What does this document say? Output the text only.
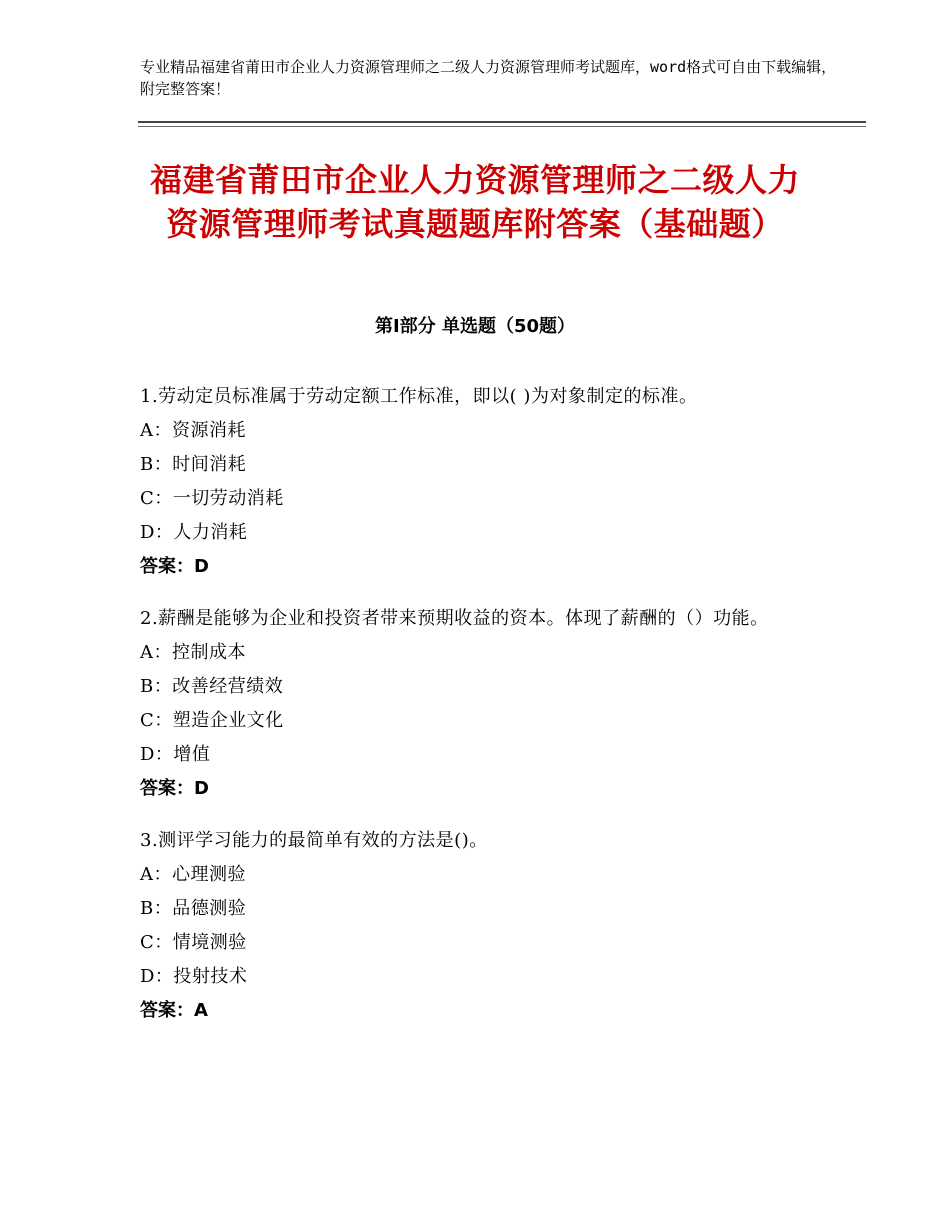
专业精品福建省莆田市企业人力资源管理师之二级人力资源管理师考试题库，word格式可自由下载编辑，附完整答案！
福建省莆田市企业人力资源管理师之二级人力资源管理师考试真题题库附答案（基础题）
第Ⅰ部分 单选题（50题）
1.劳动定员标准属于劳动定额工作标准，即以( )为对象制定的标准。
A：资源消耗
B：时间消耗
C：一切劳动消耗
D：人力消耗
答案：D
2.薪酬是能够为企业和投资者带来预期收益的资本。体现了薪酬的（）功能。
A：控制成本
B：改善经营绩效
C：塑造企业文化
D：增值
答案：D
3.测评学习能力的最简单有效的方法是()。
A：心理测验
B：品德测验
C：情境测验
D：投射技术
答案：A
